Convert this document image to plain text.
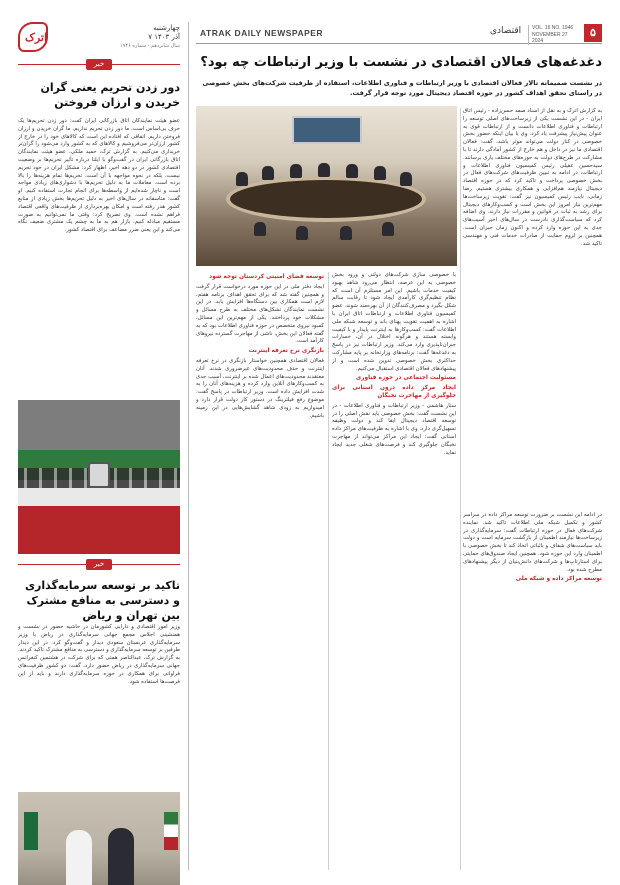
ATRAK DAILY NEWSPAPER	اقتصادی VOL. 16 NO. 1946
NOVEMBER 27 2024
۵
اترک
چهارشنبه
۷ آذر ۱۴۰۳
سال شانزدهم - شماره ۱۹۴۶
خبر
دور زدن تحریم یعنی گران خریدن و ارزان فروختن
عضو هیئت نمایندگان اتاق بازرگانی ایران گفت: دور زدن تحریم‌ها یک حرف بی‌اساس است، ما دور زدن تحریم نداریم، ما گران خریدن و ارزان فروختن داریم. اتفاقی که افتاده این است که کالاهای خود را در خارج از کشور ارزان‌تر می‌فروشیم و کالاهای که به کشور وارد می‌شود را گران‌تر خریداری می‌کنیم. به گزارش ترک، حمید ملکی، عضو هیئت نمایندگان اتاق بازرگانی ایران در گفت‌وگو با ایلنا درباره تأثیر تحریم‌ها بر وضعیت اقتصادی کشور در دو دهه اخیر، اظهار کرد: مشکل ایران در خود تحریم نیست، بلکه در نحوه مواجهه با آن است. تحریم‌ها تمام هزینه‌ها را بالا برده است. معاملات ما به دلیل تحریم‌ها با دشواری‌های زیادی مواجه است و ناچار شده‌ایم از واسطه‌ها برای انجام تجارت استفاده کنیم. او گفت: متاسفانه در سال‌های اخیر به دلیل تحریم‌ها بخش زیادی از منابع کشور هدر رفته است و امکان بهره‌برداری از ظرفیت‌های واقعی اقتصاد فراهم نشده است. وی تصریح کرد: وقتی ما نمی‌توانیم به صورت مستقیم مبادله کنیم، بازار هم به ما به چشم یک مشتری ضعیف نگاه می‌کند و این یعنی ضرر مضاعف برای اقتصاد کشور.
خبر
تاکید بر توسعه سرمایه‌گذاری و دسترسی به منافع مشترک بین تهران و ریاض
وزیر امور اقتصادی و دارایی کشورمان در حاشیه حضور در نشست و همنشینی اجلاس مجمع جهانی سرمایه‌گذاری در ریاض با وزیر سرمایه‌گذاری عربستان سعودی دیدار و گفت‌وگو کرد. در این دیدار طرفین بر توسعه سرمایه‌گذاری و دسترسی به منافع مشترک تاکید کردند. به گزارش ترک، عبدالناصر همتی که برای شرکت در هشتمین کنفرانس جهانی سرمایه‌گذاری در ریاض حضور دارد، گفت: دو کشور ظرفیت‌های فراوانی برای همکاری در حوزه سرمایه‌گذاری دارند و باید از این فرصت‌ها استفاده شود.
دغدغه‌های فعالان اقتصادی در نشست با وزیر ارتباطات چه بود؟
در نشست صمیمانه تالار فعالان اقتصادی با وزیر ارتباطات و فناوری اطلاعات، استفاده از ظرفیت شرکت‌های بخش خصوصی در راستای تحقق اهداف کشور در حوزه اقتصاد دیجیتال مورد توجه قرار گرفت.
به گزارش اترک و به نقل از اسناد صمد حسن‌زاده - رئیس اتاق ایران - در این نشست یکی از زیرساخت‌های اصلی توسعه را ارتباطات و فناوری اطلاعات دانست و از ارتباطات قوی به عنوان پیش‌نیاز پیشرفت یاد کرد. وی با بیان اینکه حضور بخش خصوصی در کنار دولت می‌تواند موثر باشد، گفت: فعالان اقتصادی ما نیز در داخل و هم خارج از کشور آمادگی دارند تا با مشارکت در طرح‌های دولت به حوزه‌های مختلف یاری برسانند. سیدحسین عقیلی رئیس کمیسیون فناوری اطلاعات و ارتباطات، در ادامه به تبیین ظرفیت‌های شرکت‌های فعال در بخش خصوصی پرداخت و تاکید کرد که در حوزه اقتصاد دیجیتال نیازمند هم‌افزایی و همکاری بیشتری هستیم. رضا زمانی، نایب رئیس کمیسیون نیز گفت: تقویت زیرساخت‌ها مهم‌ترین نیاز امروز این بخش است و کسب‌وکارهای دیجیتال برای رشد به ثبات در قوانین و مقررات نیاز دارند. وی اضافه کرد که سیاست‌گذاری نادرست در سال‌های اخیر آسیب‌های جدی به این حوزه وارد کرده و اکنون زمان جبران است. همچنین بر لزوم حمایت از صادرات خدمات فنی و مهندسی تاکید شد.
در ادامه این نشست بر ضرورت توسعه مراکز داده در سراسر کشور و تکمیل شبکه ملی اطلاعات تاکید شد. نماینده شرکت‌های فعال در حوزه ارتباطات گفت: سرمایه‌گذاری در زیرساخت‌ها نیازمند اطمینان از بازگشت سرمایه است و دولت باید سیاست‌های شفاف و باثباتی اتخاذ کند تا بخش خصوصی با اطمینان وارد این حوزه شود. همچنین ایجاد صندوق‌های حمایتی برای استارتاپ‌ها و شرکت‌های دانش‌بنیان از دیگر پیشنهادهای مطرح شده بود.
توسعه مراکز داده و شبکه ملی
با خصوصی سازی شرکت‌های دولتی و ورود بخش خصوصی به این عرصه، انتظار می‌رود شاهد بهبود کیفیت خدمات باشیم. این امر مستلزم آن است که نظام تنظیم‌گری کارآمدی ایجاد شود تا رقابت سالم شکل بگیرد و مصرف‌کنندگان از آن بهره‌مند شوند. عضو کمیسیون فناوری اطلاعات و ارتباطات اتاق ایران با اشاره به اهمیت تقویت پهنای باند و توسعه شبکه ملی اطلاعات گفت: کسب‌وکارها به اینترنت پایدار و با کیفیت وابسته هستند و هرگونه اختلال در آن، خسارات جبران‌ناپذیری وارد می‌کند. وزیر ارتباطات نیز در پاسخ به دغدغه‌ها گفت: برنامه‌های وزارتخانه بر پایه مشارکت حداکثری بخش خصوصی تدوین شده است و از پیشنهادهای فعالان اقتصادی استقبال می‌کنیم.
مسئولیت اجتماعی در حوزه فناوری
ایجاد مرکز داده درون استانی برای جلوگیری از مهاجرت نخبگان
ستار هاشمی - وزیر ارتباطات و فناوری اطلاعات - در این نشست گفت: بخش خصوصی باید نقش اصلی را در توسعه اقتصاد دیجیتال ایفا کند و دولت وظیفه تسهیل‌گری دارد. وی با اشاره به ظرفیت‌های مراکز داده استانی گفت: ایجاد این مراکز می‌تواند از مهاجرت نخبگان جلوگیری کند و فرصت‌های شغلی جدید ایجاد نماید.
توسعه فضای امنیتی کردستان توجه شود
ایجاد دفتر ملی در این حوزه مورد درخواست قرار گرفت و همچنین گفته شد که برای تحقق اهداف برنامه هفتم، لازم است همکاری بین دستگاه‌ها افزایش یابد. در این نشست نمایندگان تشکل‌های مختلف به طرح مسائل و مشکلات خود پرداختند. یکی از مهم‌ترین این مسائل، کمبود نیروی متخصص در حوزه فناوری اطلاعات بود که به گفته فعالان این بخش، ناشی از مهاجرت گسترده نیروهای کارآمد است.
بازنگری نرخ تعرفه اینترنت
فعالان اقتصادی همچنین خواستار بازنگری در نرخ تعرفه اینترنت و حذف محدودیت‌های غیرضروری شدند. آنان معتقدند محدودیت‌های اعمال شده بر اینترنت، آسیب جدی به کسب‌وکارهای آنلاین وارد کرده و هزینه‌های آنان را به شدت افزایش داده است. وزیر ارتباطات در پاسخ گفت: موضوع رفع فیلترینگ در دستور کار دولت قرار دارد و امیدواریم به زودی شاهد گشایش‌هایی در این زمینه باشیم.
